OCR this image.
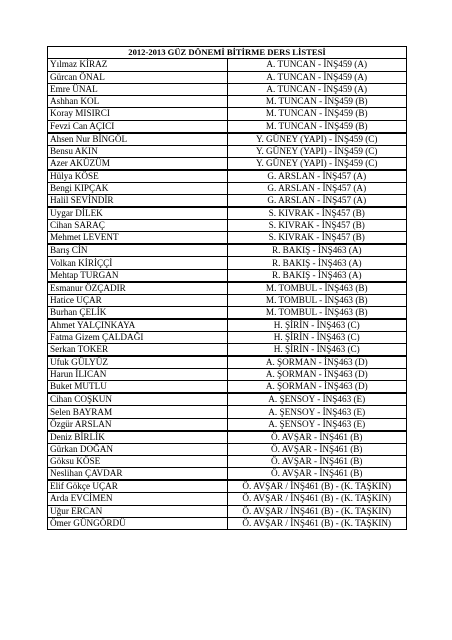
2012-2013 GÜZ DÖNEMİ BİTİRME DERS LİSTESİ	
Yılmaz KİRAZ	A. TUNCAN - İNŞ459 (A)
Gürcan ÖNAL	A. TUNCAN - İNŞ459 (A)
Emre ÜNAL	A. TUNCAN - İNŞ459 (A)
Ashhan KOL	M. TUNCAN - İNŞ459 (B)
Koray MISIRCI	M. TUNCAN - İNŞ459 (B)
Fevzi Can AÇICI	M. TUNCAN - İNŞ459 (B)
Ahsen Nur BİNGÖL	Y. GÜNEY (YAPI) - İNŞ459 (C)
Bensu AKIN	Y. GÜNEY (YAPI) - İNŞ459 (C)
Azer AKÜZÜM	Y. GÜNEY (YAPI) - İNŞ459 (C)
Hülya KÖSE	G. ARSLAN - İNŞ457 (A)
Bengi KIPÇAK	G. ARSLAN - İNŞ457 (A)
Halil SEVİNDİR	G. ARSLAN - İNŞ457 (A)
Uygar DİLEK	S. KIVRAK - İNŞ457 (B)
Cihan SARAÇ	S. KIVRAK - İNŞ457 (B)
Mehmet LEVENT	S. KIVRAK - İNŞ457 (B)
Barış CİN	R. BAKIŞ - İNŞ463 (A)
Volkan KİRİÇÇİ	R. BAKIŞ - İNŞ463 (A)
Mehtap TURGAN	R. BAKIŞ - İNŞ463 (A)
Esmanur ÖZÇADIR	M. TOMBUL - İNŞ463 (B)
Hatice UÇAR	M. TOMBUL - İNŞ463 (B)
Burhan ÇELİK	M. TOMBUL - İNŞ463 (B)
Ahmet YALÇINKAYA	H. ŞİRİN - İNŞ463 (C)
Fatma Gizem ÇALDAĞI	H. ŞİRİN - İNŞ463 (C)
Serkan TOKER	H. ŞİRİN - İNŞ463 (C)
Ufuk GÜLYÜZ	A. ŞORMAN - İNŞ463 (D)
Harun İLICAN	A. ŞORMAN - İNŞ463 (D)
Buket MUTLU	A. ŞORMAN - İNŞ463 (D)
Cihan COŞKUN	A. ŞENSOY - İNŞ463 (E)
Selen BAYRAM	A. ŞENSOY - İNŞ463 (E)
Özgür ARSLAN	A. ŞENSOY - İNŞ463 (E)
Deniz BİRLİK	Ö. AVŞAR - İNŞ461 (B)
Gürkan DOĞAN	Ö. AVŞAR - İNŞ461 (B)
Göksu KÖSE	Ö. AVŞAR - İNŞ461 (B)
Neslihan ÇAVDAR	Ö. AVŞAR - İNŞ461 (B)
Elif Gökçe UÇAR	Ö. AVŞAR / İNŞ461 (B) - (K. TAŞKIN)
Arda EVCİMEN	Ö. AVŞAR / İNŞ461 (B) - (K. TAŞKIN)
Uğur ERCAN	Ö. AVŞAR / İNŞ461 (B) - (K. TAŞKIN)
Ömer GÜNGÖRDÜ	Ö. AVŞAR / İNŞ461 (B) - (K. TAŞKIN)
